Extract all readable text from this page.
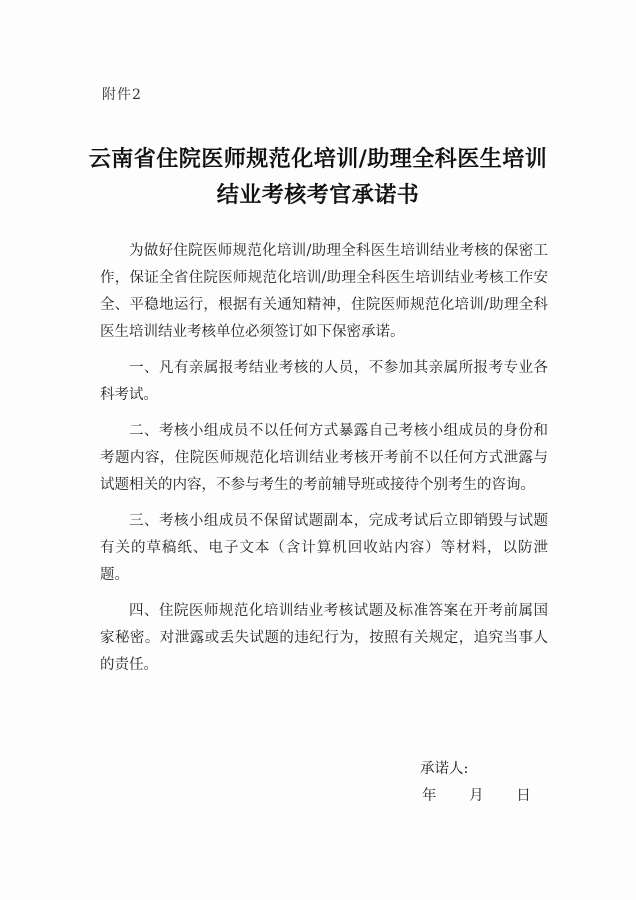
附件2
云南省住院医师规范化培训/助理全科医生培训
结业考核考官承诺书

为做好住院医师规范化培训/助理全科医生培训结业考核的保密工作，保证全省住院医师规范化培训/助理全科医生培训结业考核工作安全、平稳地运行，根据有关通知精神，住院医师规范化培训/助理全科医生培训结业考核单位必须签订如下保密承诺。

一、凡有亲属报考结业考核的人员，不参加其亲属所报考专业各科考试。

二、考核小组成员不以任何方式暴露自己考核小组成员的身份和考题内容，住院医师规范化培训结业考核开考前不以任何方式泄露与试题相关的内容，不参与考生的考前辅导班或接待个别考生的咨询。

三、考核小组成员不保留试题副本，完成考试后立即销毁与试题有关的草稿纸、电子文本（含计算机回收站内容）等材料，以防泄题。

四、住院医师规范化培训结业考核试题及标准答案在开考前属国家秘密。对泄露或丢失试题的违纪行为，按照有关规定，追究当事人的责任。

承诺人:
年 月 日
